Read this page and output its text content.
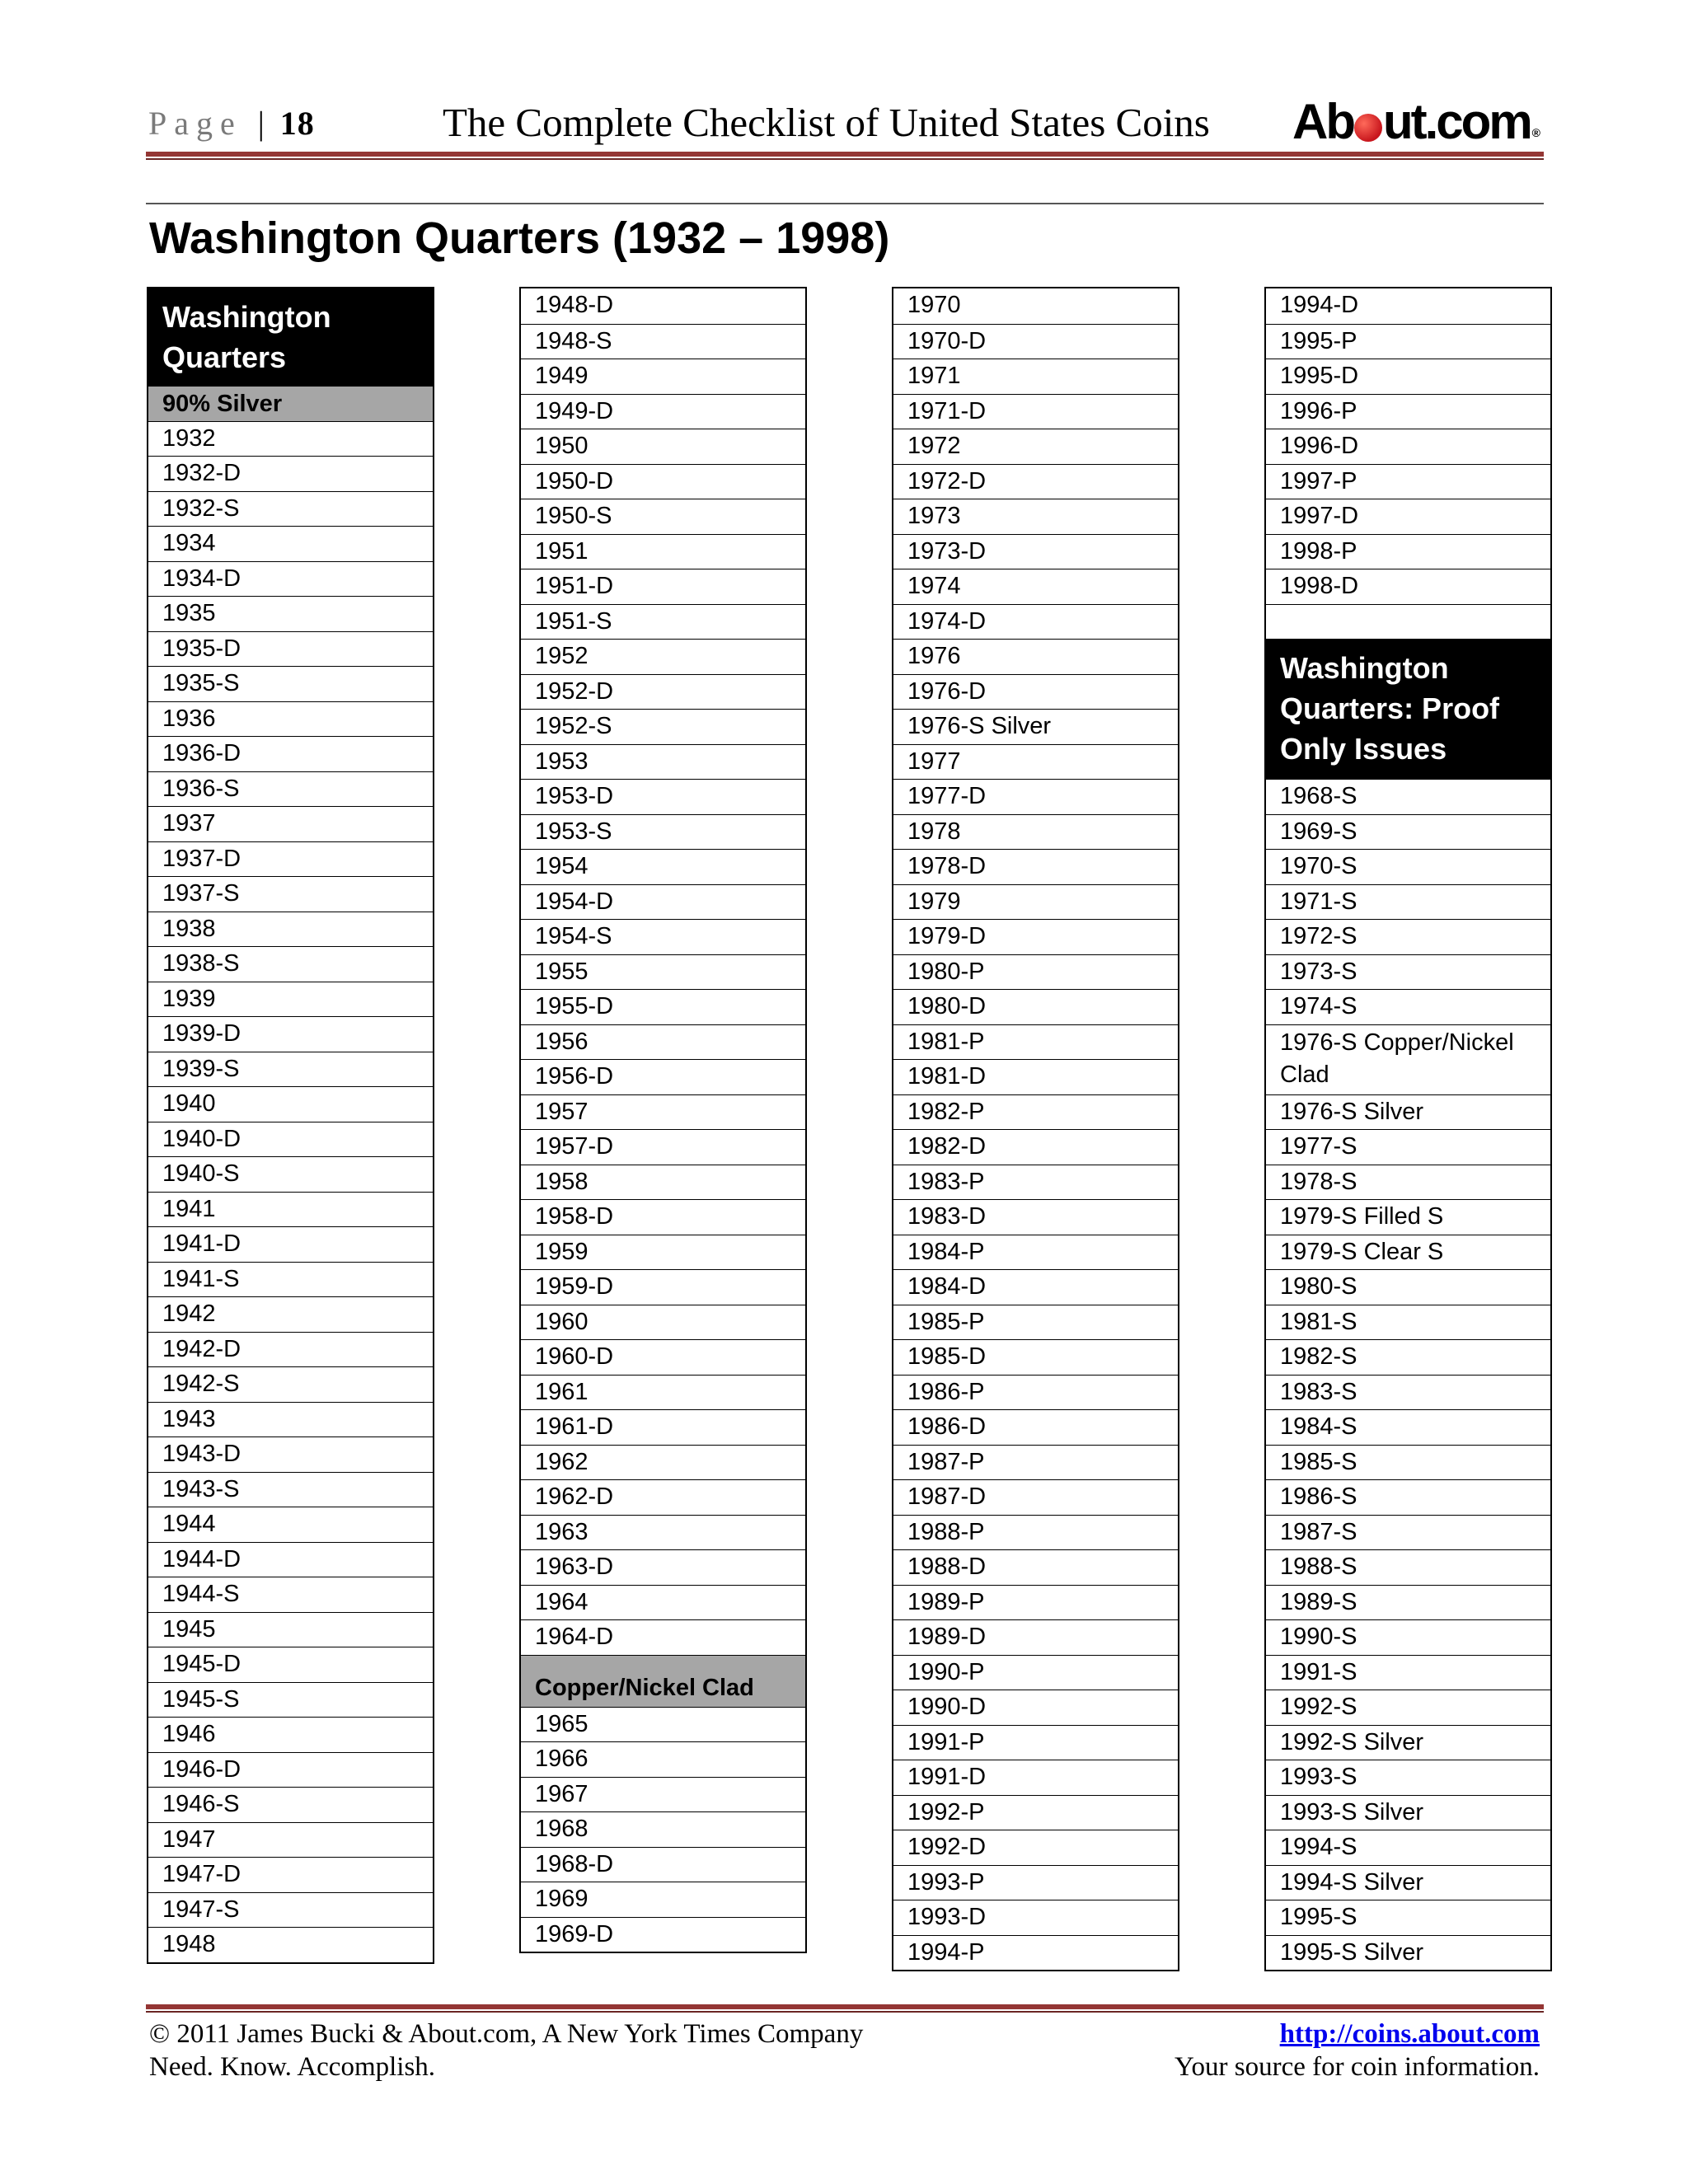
Page | 18	The Complete Checklist of United States Coins Ab ut.com ®
Washington Quarters (1932 – 1998)
Washington Quarters
90% Silver
1932
1932-D
1932-S
1934
1934-D
1935
1935-D
1935-S
1936
1936-D
1936-S
1937
1937-D
1937-S
1938
1938-S
1939
1939-D
1939-S
1940
1940-D
1940-S
1941
1941-D
1941-S
1942
1942-D
1942-S
1943
1943-D
1943-S
1944
1944-D
1944-S
1945
1945-D
1945-S
1946
1946-D
1946-S
1947
1947-D
1947-S
1948
1948-D
1948-S
1949
1949-D
1950
1950-D
1950-S
1951
1951-D
1951-S
1952
1952-D
1952-S
1953
1953-D
1953-S
1954
1954-D
1954-S
1955
1955-D
1956
1956-D
1957
1957-D
1958
1958-D
1959
1959-D
1960
1960-D
1961
1961-D
1962
1962-D
1963
1963-D
1964
1964-D
Copper/Nickel Clad
1965
1966
1967
1968
1968-D
1969
1969-D
1970
1970-D
1971
1971-D
1972
1972-D
1973
1973-D
1974
1974-D
1976
1976-D
1976-S Silver
1977
1977-D
1978
1978-D
1979
1979-D
1980-P
1980-D
1981-P
1981-D
1982-P
1982-D
1983-P
1983-D
1984-P
1984-D
1985-P
1985-D
1986-P
1986-D
1987-P
1987-D
1988-P
1988-D
1989-P
1989-D
1990-P
1990-D
1991-P
1991-D
1992-P
1992-D
1993-P
1993-D
1994-P
1994-D
1995-P
1995-D
1996-P
1996-D
1997-P
1997-D
1998-P
1998-D
Washington Quarters: Proof Only Issues
1968-S
1969-S
1970-S
1971-S
1972-S
1973-S
1974-S
1976-S Copper/Nickel Clad
1976-S Silver
1977-S
1978-S
1979-S Filled S
1979-S Clear S
1980-S
1981-S
1982-S
1983-S
1984-S
1985-S
1986-S
1987-S
1988-S
1989-S
1990-S
1991-S
1992-S
1992-S Silver
1993-S
1993-S Silver
1994-S
1994-S Silver
1995-S
1995-S Silver
© 2011 James Bucki & About.com, A New York Times Company
Need. Know. Accomplish.
http://coins.about.com
Your source for coin information.
